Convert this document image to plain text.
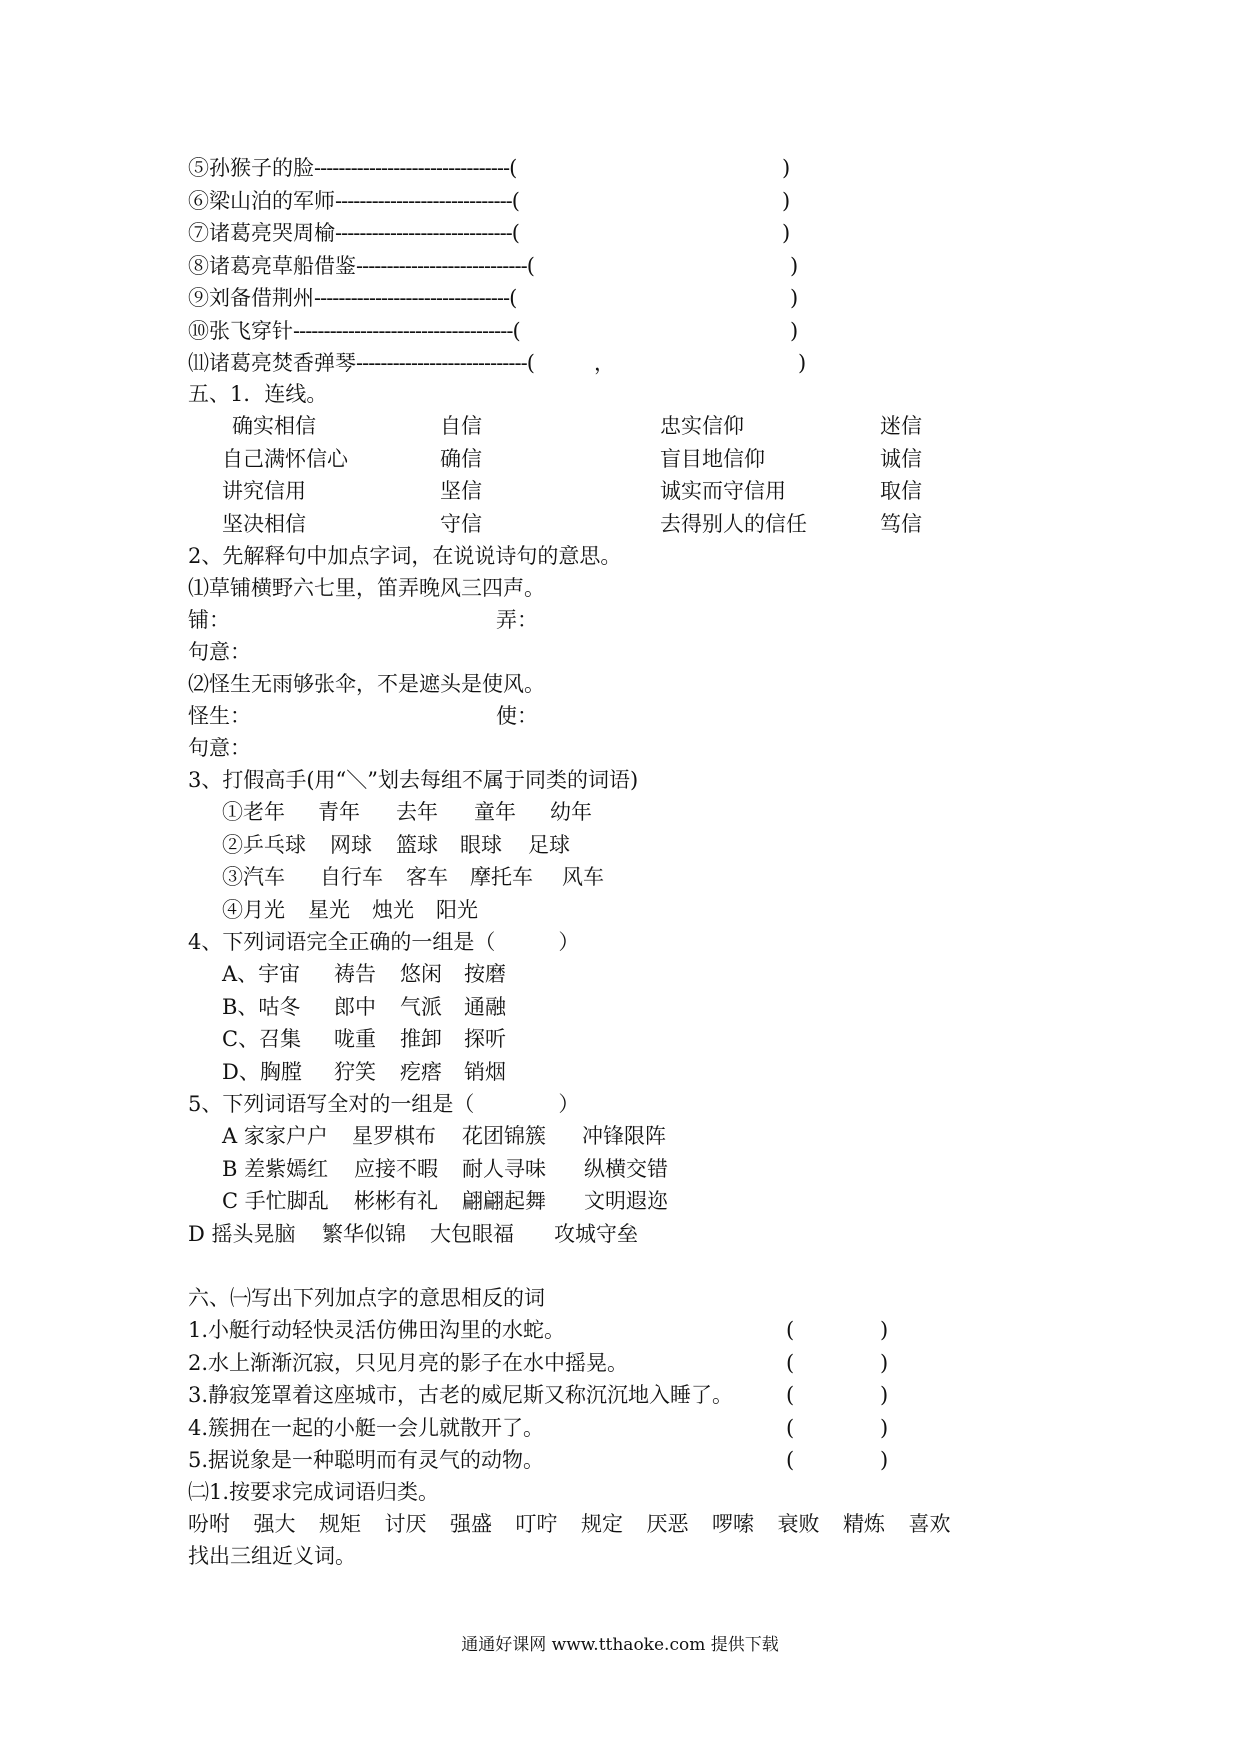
⑤孙猴子的脸--------------------------------(	)
⑥梁山泊的军师-----------------------------(	)
⑦诸葛亮哭周榆-----------------------------(	)
⑧诸葛亮草船借鉴----------------------------(	)
⑨刘备借荆州--------------------------------(	)
⑩张飞穿针------------------------------------(	)
⑾诸葛亮焚香弹琴----------------------------(	，	)
五、1．连线。
确实相信	自信	忠实信仰	迷信
自己满怀信心	确信	盲目地信仰	诚信
讲究信用	坚信	诚实而守信用	取信
坚决相信	守信	去得别人的信任	笃信
2、先解释句中加点字词，在说说诗句的意思。
⑴草铺横野六七里，笛弄晚风三四声。
铺：	弄：
句意：
⑵怪生无雨够张伞，不是遮头是使风。
怪生：	使：
句意：
3、打假高手(用“＼”划去每组不属于同类的词语)
①老年 青年 去年 童年 幼年
②乒乓球 网球 篮球 眼球 足球
③汽车 自行车 客车 摩托车 风车
④月光 星光 烛光 阳光
4、下列词语完全正确的一组是（　　　）
A、宇宙 祷告 悠闲 按磨
B、咕冬 郎中 气派 通融
C、召集 咙重 推卸 探听
D、胸膛 狞笑 疙瘩 销烟
5、下列词语写全对的一组是（　　　　）
A 家家户户 星罗棋布 花团锦簇 冲锋限阵
B 差紫嫣红 应接不暇 耐人寻味 纵横交错
C 手忙脚乱 彬彬有礼 翩翩起舞 文明遐迩
D 摇头晃脑 繁华似锦 大包眼福 攻城守垒
六、㈠写出下列加点字的意思相反的词
1.小艇行动轻快灵活仿佛田沟里的水蛇。	(	)
2.水上渐渐沉寂，只见月亮的影子在水中摇晃。	(	)
3.静寂笼罩着这座城市，古老的威尼斯又称沉沉地入睡了。	(	)
4.簇拥在一起的小艇一会儿就散开了。	(	)
5.据说象是一种聪明而有灵气的动物。	(	)
㈡1.按要求完成词语归类。
吩咐 强大 规矩 讨厌 强盛 叮咛 规定 厌恶 啰嗦 衰败 精炼 喜欢
找出三组近义词。
通通好课网 www.tthaoke.com 提供下载
